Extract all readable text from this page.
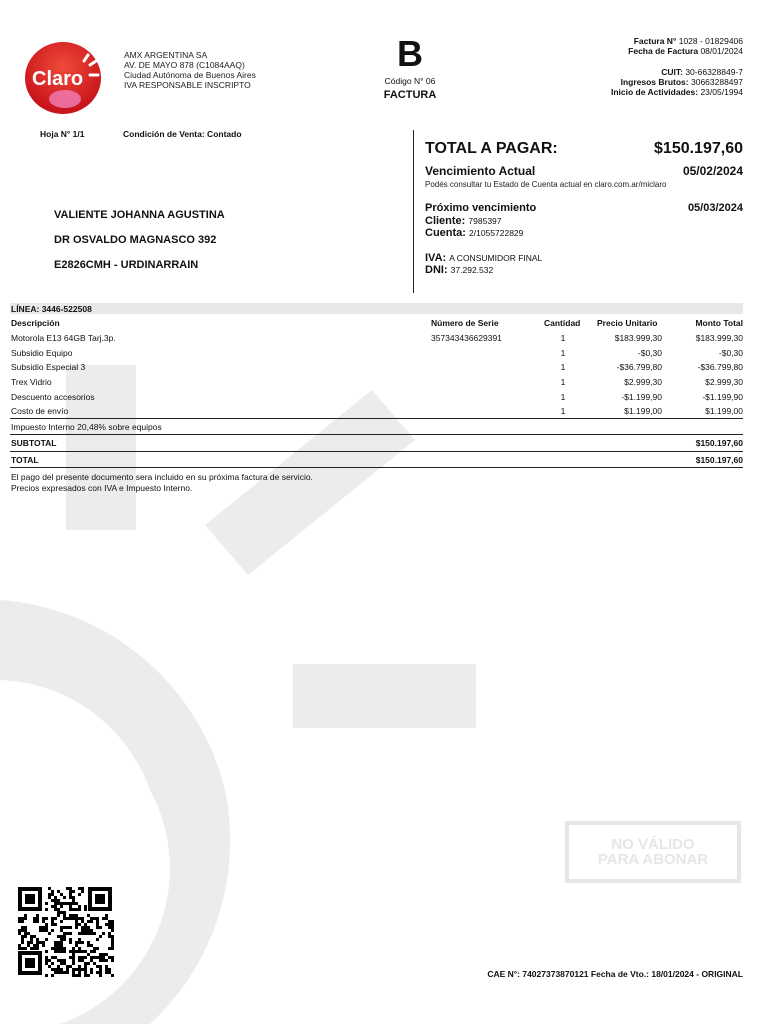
Claro
AMX ARGENTINA SA
AV. DE MAYO 878 (C1084AAQ)
Ciudad Autónoma de Buenos Aires
IVA RESPONSABLE INSCRIPTO
B
Código N° 06
FACTURA
Factura N° 1028 - 01829406
Fecha de Factura 08/01/2024
CUIT: 30-66328849-7
Ingresos Brutos: 30663288497
Inicio de Actividades: 23/05/1994
Hoja N° 1/1	Condición de Venta: Contado
VALIENTE JOHANNA AGUSTINA
DR OSVALDO MAGNASCO 392
E2826CMH - URDINARRAIN
TOTAL A PAGAR:	$150.197,60
Vencimiento Actual	05/02/2024
Podés consultar tu Estado de Cuenta actual en claro.com.ar/miclaro
Próximo vencimiento	05/03/2024
Cliente: 7985397
Cuenta: 2/1055722829
IVA: A CONSUMIDOR FINAL
DNI: 37.292.532
LÍNEA: 3446-522508
Descripción	Número de Serie	Cantidad Precio Unitario	Monto Total
Motorola E13 64GB Tarj.3p.	357343436629391	1	$183.999,30	$183.999,30
Subsidio Equipo	1	-$0,30	-$0,30
Subsidio Especial 3	1	-$36.799,80	-$36.799,80
Trex Vidrio	1	$2.999,30	$2.999,30
Descuento accesorios	1	-$1.199,90	-$1.199,90
Costo de envío	1	$1.199,00	$1.199,00
Impuesto Interno 20,48% sobre equipos
SUBTOTAL	$150.197,60
TOTAL	$150.197,60
El pago del presente documento sera incluido en su próxima factura de servicio.
Precios expresados con IVA e Impuesto Interno.
NO VÁLIDO
PARA ABONAR
CAE N°: 74027373870121 Fecha de Vto.: 18/01/2024 - ORIGINAL
